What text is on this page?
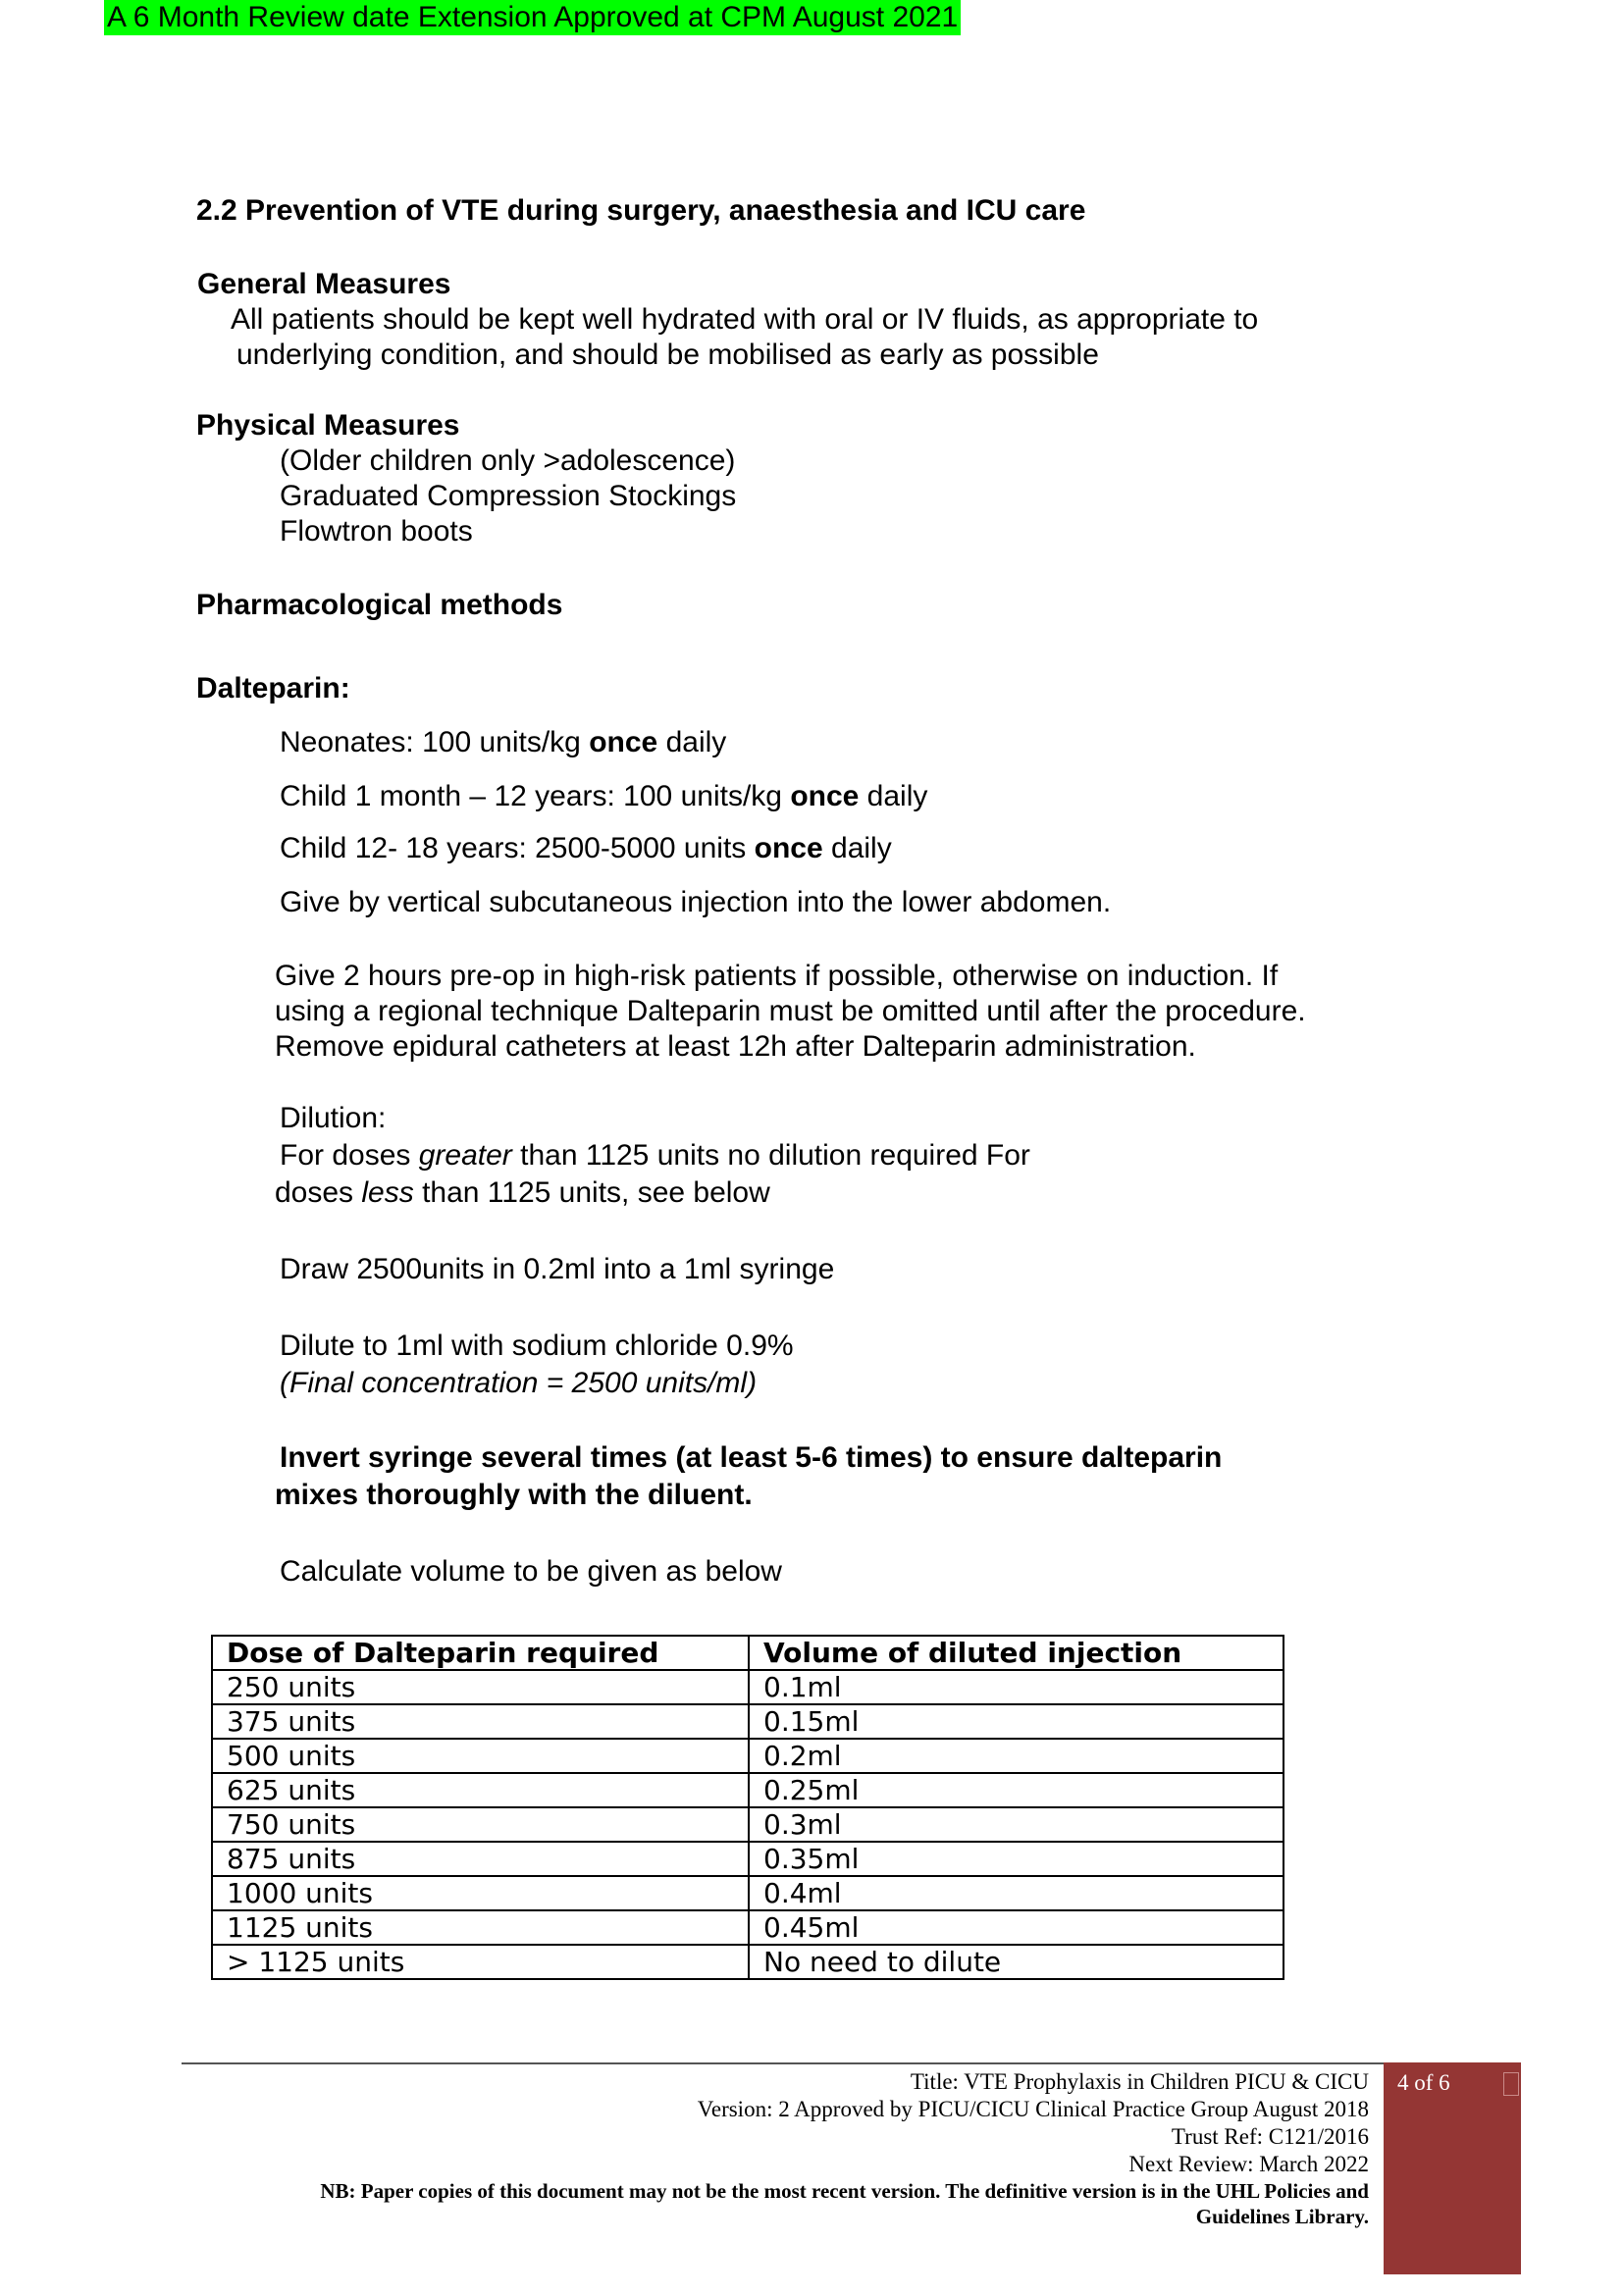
A 6 Month Review date Extension Approved at CPM August 2021
2.2 Prevention of VTE during surgery, anaesthesia and ICU care
General Measures
All patients should be kept well hydrated with oral or IV fluids, as appropriate to
underlying condition, and should be mobilised as early as possible
Physical Measures
(Older children only >adolescence)
Graduated Compression Stockings
Flowtron boots
Pharmacological methods
Dalteparin:
Neonates: 100 units/kg once daily
Child 1 month – 12 years: 100 units/kg once daily
Child 12- 18 years: 2500-5000 units once daily
Give by vertical subcutaneous injection into the lower abdomen.
Give 2 hours pre-op in high-risk patients if possible, otherwise on induction. If
using a regional technique Dalteparin must be omitted until after the procedure.
Remove epidural catheters at least 12h after Dalteparin administration.
Dilution:
For doses greater than 1125 units no dilution required For
doses less than 1125 units, see below
Draw 2500units in 0.2ml into a 1ml syringe
Dilute to 1ml with sodium chloride 0.9%
(Final concentration = 2500 units/ml)
Invert syringe several times (at least 5-6 times) to ensure dalteparin
mixes thoroughly with the diluent.
Calculate volume to be given as below
Dose of Dalteparin required	Volume of diluted injection
250 units	0.1ml
375 units	0.15ml
500 units	0.2ml
625 units	0.25ml
750 units	0.3ml
875 units	0.35ml
1000 units	0.4ml
1125 units	0.45ml
> 1125 units	No need to dilute
Title: VTE Prophylaxis in Children PICU & CICU
Version: 2 Approved by PICU/CICU Clinical Practice Group August 2018
Trust Ref: C121/2016
Next Review: March 2022
NB: Paper copies of this document may not be the most recent version. The definitive version is in the UHL Policies and
Guidelines Library.
4 of 6
